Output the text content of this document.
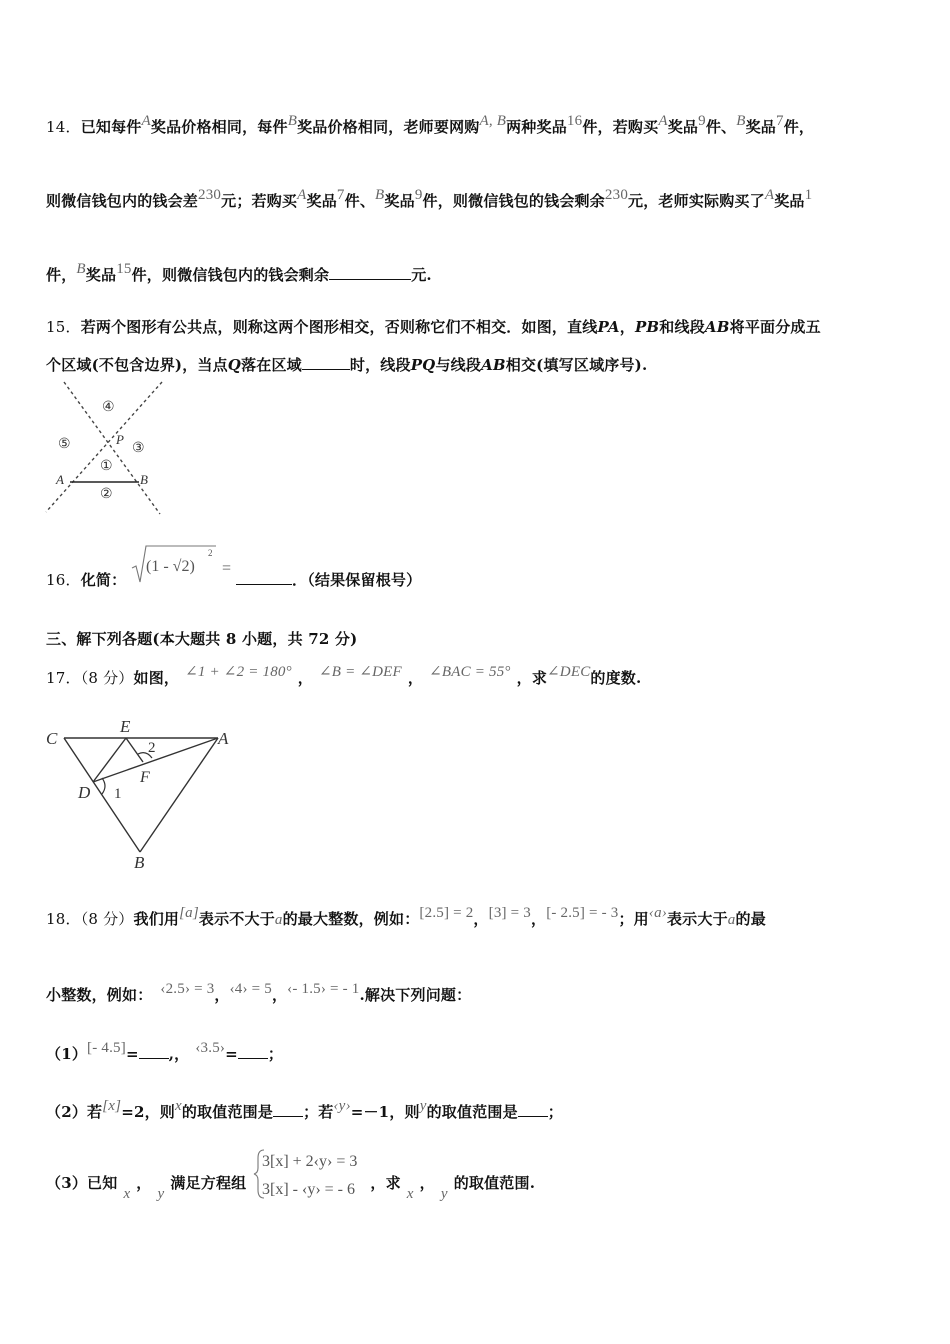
14．已知每件A奖品价格相同，每件B奖品价格相同，老师要网购A, B两种奖品16件，若购买A奖品9件、B奖品7件，
则微信钱包内的钱会差230元；若购买A奖品7件、B奖品9件，则微信钱包的钱会剩余230元，老师实际购买了A奖品1
件，B奖品15件，则微信钱包内的钱会剩余	元.
15．若两个图形有公共点，则称这两个图形相交，否则称它们不相交．如图，直线PA，PB和线段AB将平面分成五
个区域(不包含边界)，当点Q落在区域	时，线段PQ与线段AB相交(填写区域序号).
④
⑤	P
③
①
A	B
②
16．化简：
(1 - √2)
2
=
．（结果保留根号）
三、解下列各题(本大题共 8 小题，共 72 分)
17．（8 分）如图， ∠1 + ∠2 = 180° ， ∠B = ∠DEF ， ∠BAC = 55° ，求∠DEC的度数.
C
E
A
2
F
D 1
B
18．（8 分）我们用[a]表示不大于a的最大整数，例如：[2.5] = 2，[3] = 3，[- 2.5] = - 3；用‹a›表示大于a的最
小整数，例如： ‹2.5› = 3，‹4› = 5，‹- 1.5› = - 1.解决下列问题：
（1）[- 4.5]= ,， ‹3.5›= ；
（2）若[x]=2，则x的取值范围是 ；若‹y›=－1，则y的取值范围是 ；
（3）已知x，y满足方程组	，求x，y的取值范围.
3[x] + 2‹y› = 3
3[x] - ‹y› = - 6
